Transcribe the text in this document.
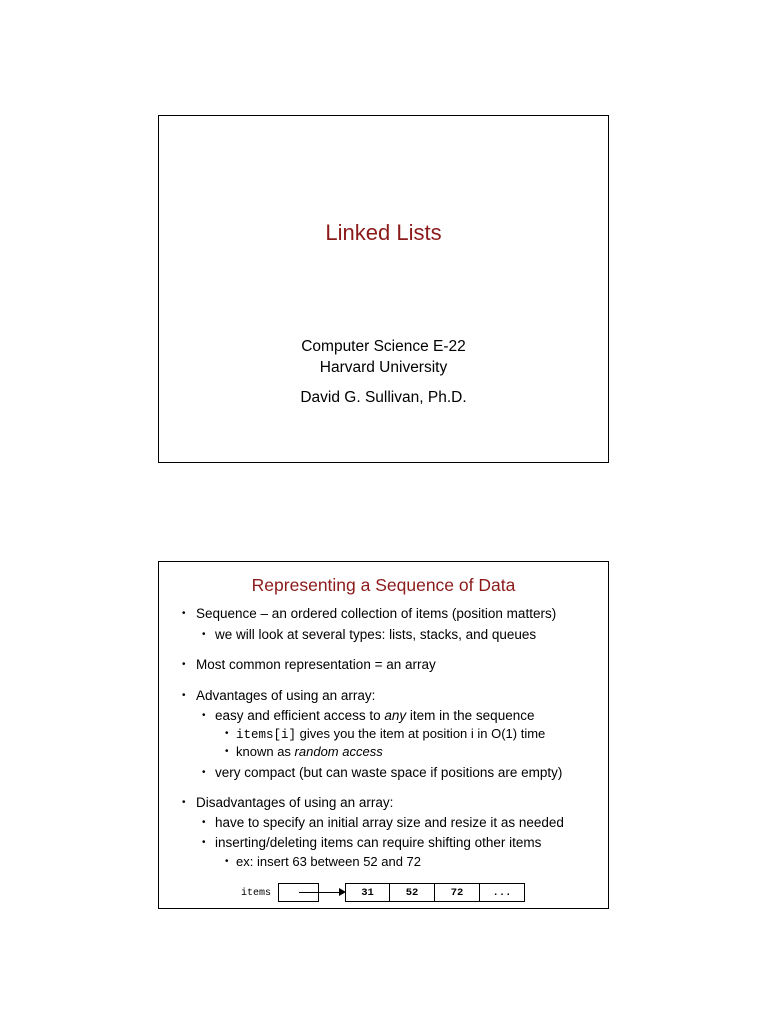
Linked Lists
Computer Science E-22
Harvard University
David G. Sullivan, Ph.D.
Representing a Sequence of Data
• Sequence – an ordered collection of items (position matters)
• we will look at several types: lists, stacks, and queues
• Most common representation = an array
• Advantages of using an array:
• easy and efficient access to any item in the sequence
• items[i] gives you the item at position i in O(1) time
• known as random access
• very compact (but can waste space if positions are empty)
• Disadvantages of using an array:
• have to specify an initial array size and resize it as needed
• inserting/deleting items can require shifting other items
• ex: insert 63 between 52 and 72
items	31	52	72	...
